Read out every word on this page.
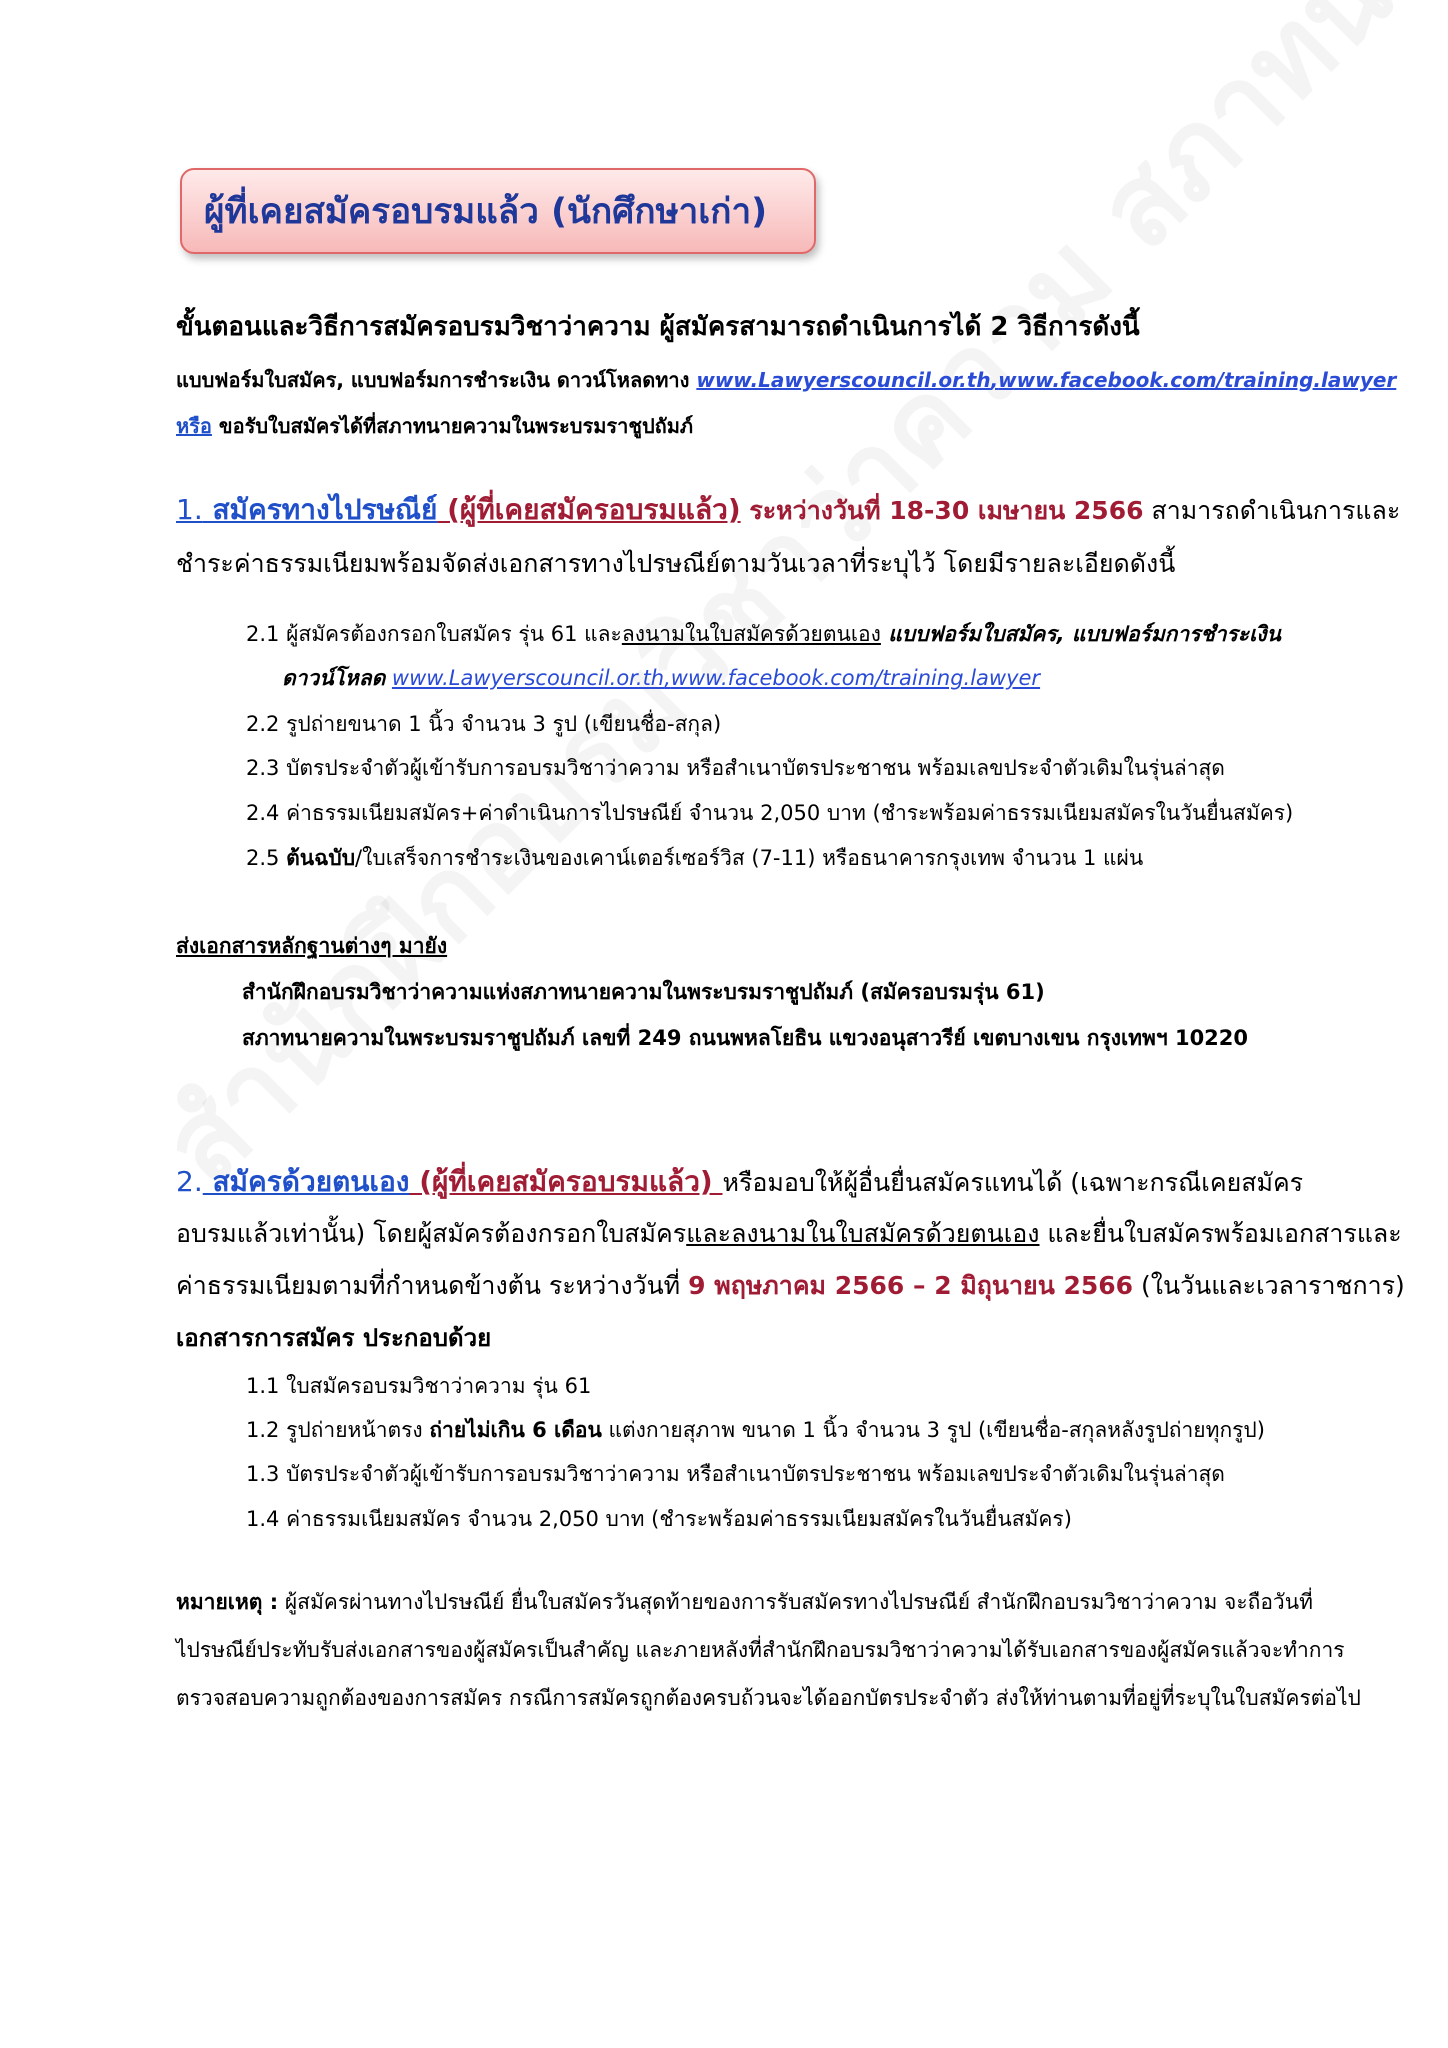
ผู้ที่เคยสมัครอบรมแล้ว (นักศึกษาเก่า)
ขั้นตอนและวิธีการสมัครอบรมวิชาว่าความ ผู้สมัครสามารถดำเนินการได้ 2 วิธีการดังนี้
แบบฟอร์มใบสมัคร, แบบฟอร์มการชำระเงิน ดาวน์โหลดทาง www.Lawyerscouncil.or.th,www.facebook.com/training.lawyer
หรือ ขอรับใบสมัครได้ที่สภาทนายความในพระบรมราชูปถัมภ์
1. สมัครทางไปรษณีย์ (ผู้ที่เคยสมัครอบรมแล้ว) ระหว่างวันที่ 18-30 เมษายน 2566 สามารถดำเนินการและ
ชำระค่าธรรมเนียมพร้อมจัดส่งเอกสารทางไปรษณีย์ตามวันเวลาที่ระบุไว้ โดยมีรายละเอียดดังนี้
2.1 ผู้สมัครต้องกรอกใบสมัคร รุ่น 61 และลงนามในใบสมัครด้วยตนเอง แบบฟอร์มใบสมัคร, แบบฟอร์มการชำระเงิน
ดาวน์โหลด www.Lawyerscouncil.or.th,www.facebook.com/training.lawyer
2.2 รูปถ่ายขนาด 1 นิ้ว จำนวน 3 รูป (เขียนชื่อ-สกุล)
2.3 บัตรประจำตัวผู้เข้ารับการอบรมวิชาว่าความ หรือสำเนาบัตรประชาชน พร้อมเลขประจำตัวเดิมในรุ่นล่าสุด
2.4 ค่าธรรมเนียมสมัคร+ค่าดำเนินการไปรษณีย์ จำนวน 2,050 บาท (ชำระพร้อมค่าธรรมเนียมสมัครในวันยื่นสมัคร)
2.5 ต้นฉบับ/ใบเสร็จการชำระเงินของเคาน์เตอร์เซอร์วิส (7-11) หรือธนาคารกรุงเทพ จำนวน 1 แผ่น
ส่งเอกสารหลักฐานต่างๆ มายัง
สำนักฝึกอบรมวิชาว่าความแห่งสภาทนายความในพระบรมราชูปถัมภ์ (สมัครอบรมรุ่น 61)
สภาทนายความในพระบรมราชูปถัมภ์ เลขที่ 249 ถนนพหลโยธิน แขวงอนุสาวรีย์ เขตบางเขน กรุงเทพฯ 10220
2. สมัครด้วยตนเอง (ผู้ที่เคยสมัครอบรมแล้ว) หรือมอบให้ผู้อื่นยื่นสมัครแทนได้ (เฉพาะกรณีเคยสมัคร
อบรมแล้วเท่านั้น) โดยผู้สมัครต้องกรอกใบสมัครและลงนามในใบสมัครด้วยตนเอง และยื่นใบสมัครพร้อมเอกสารและ
ค่าธรรมเนียมตามที่กำหนดข้างต้น ระหว่างวันที่ 9 พฤษภาคม 2566 – 2 มิถุนายน 2566 (ในวันและเวลาราชการ)
เอกสารการสมัคร ประกอบด้วย
1.1 ใบสมัครอบรมวิชาว่าความ รุ่น 61
1.2 รูปถ่ายหน้าตรง ถ่ายไม่เกิน 6 เดือน แต่งกายสุภาพ ขนาด 1 นิ้ว จำนวน 3 รูป (เขียนชื่อ-สกุลหลังรูปถ่ายทุกรูป)
1.3 บัตรประจำตัวผู้เข้ารับการอบรมวิชาว่าความ หรือสำเนาบัตรประชาชน พร้อมเลขประจำตัวเดิมในรุ่นล่าสุด
1.4 ค่าธรรมเนียมสมัคร จำนวน 2,050 บาท (ชำระพร้อมค่าธรรมเนียมสมัครในวันยื่นสมัคร)
หมายเหตุ : ผู้สมัครผ่านทางไปรษณีย์ ยื่นใบสมัครวันสุดท้ายของการรับสมัครทางไปรษณีย์ สำนักฝึกอบรมวิชาว่าความ จะถือวันที่
ไปรษณีย์ประทับรับส่งเอกสารของผู้สมัครเป็นสำคัญ และภายหลังที่สำนักฝึกอบรมวิชาว่าความได้รับเอกสารของผู้สมัครแล้วจะทำการ
ตรวจสอบความถูกต้องของการสมัคร กรณีการสมัครถูกต้องครบถ้วนจะได้ออกบัตรประจำตัว ส่งให้ท่านตามที่อยู่ที่ระบุในใบสมัครต่อไป
